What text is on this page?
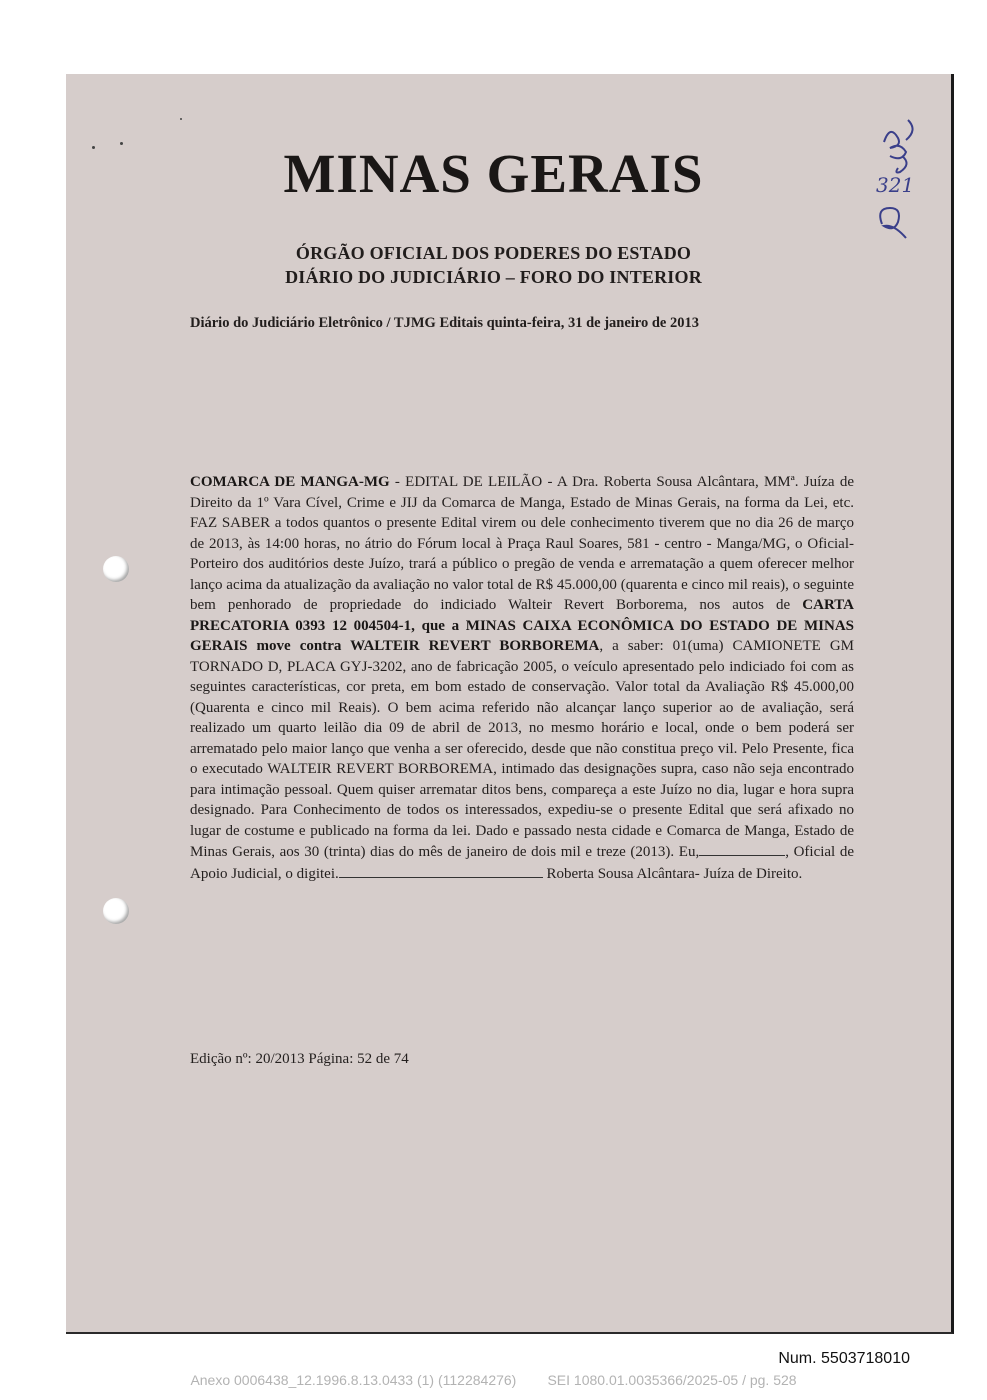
MINAS GERAIS
ÓRGÃO OFICIAL DOS PODERES DO ESTADO
DIÁRIO DO JUDICIÁRIO – FORO DO INTERIOR
Diário do Judiciário Eletrônico / TJMG Editais quinta-feira, 31 de janeiro de 2013
321
COMARCA DE MANGA-MG - EDITAL DE LEILÃO - A Dra. Roberta Sousa Alcântara, MMª. Juíza de Direito da 1º Vara Cível, Crime e JIJ da Comarca de Manga, Estado de Minas Gerais, na forma da Lei, etc. FAZ SABER a todos quantos o presente Edital virem ou dele conhecimento tiverem que no dia 26 de março de 2013, às 14:00 horas, no átrio do Fórum local à Praça Raul Soares, 581 - centro - Manga/MG, o Oficial-Porteiro dos auditórios deste Juízo, trará a público o pregão de venda e arrematação a quem oferecer melhor lanço acima da atualização da avaliação no valor total de R$ 45.000,00 (quarenta e cinco mil reais), o seguinte bem penhorado de propriedade do indiciado Walteir Revert Borborema, nos autos de CARTA PRECATORIA 0393 12 004504-1, que a MINAS CAIXA ECONÔMICA DO ESTADO DE MINAS GERAIS move contra WALTEIR REVERT BORBOREMA, a saber: 01(uma) CAMIONETE GM TORNADO D, PLACA GYJ-3202, ano de fabricação 2005, o veículo apresentado pelo indiciado foi com as seguintes características, cor preta, em bom estado de conservação. Valor total da Avaliação R$ 45.000,00 (Quarenta e cinco mil Reais). O bem acima referido não alcançar lanço superior ao de avaliação, será realizado um quarto leilão dia 09 de abril de 2013, no mesmo horário e local, onde o bem poderá ser arrematado pelo maior lanço que venha a ser oferecido, desde que não constitua preço vil. Pelo Presente, fica o executado WALTEIR REVERT BORBOREMA, intimado das designações supra, caso não seja encontrado para intimação pessoal. Quem quiser arrematar ditos bens, compareça a este Juízo no dia, lugar e hora supra designado. Para Conhecimento de todos os interessados, expediu-se o presente Edital que será afixado no lugar de costume e publicado na forma da lei. Dado e passado nesta cidade e Comarca de Manga, Estado de Minas Gerais, aos 30 (trinta) dias do mês de janeiro de dois mil e treze (2013). Eu,	, Oficial de Apoio Judicial, o digitei.	Roberta Sousa Alcântara- Juíza de Direito.
Edição nº: 20/2013 Página: 52 de 74
Num. 5503718010
Anexo 0006438_12.1996.8.13.0433 (1) (112284276)        SEI 1080.01.0035366/2025-05 / pg. 528
